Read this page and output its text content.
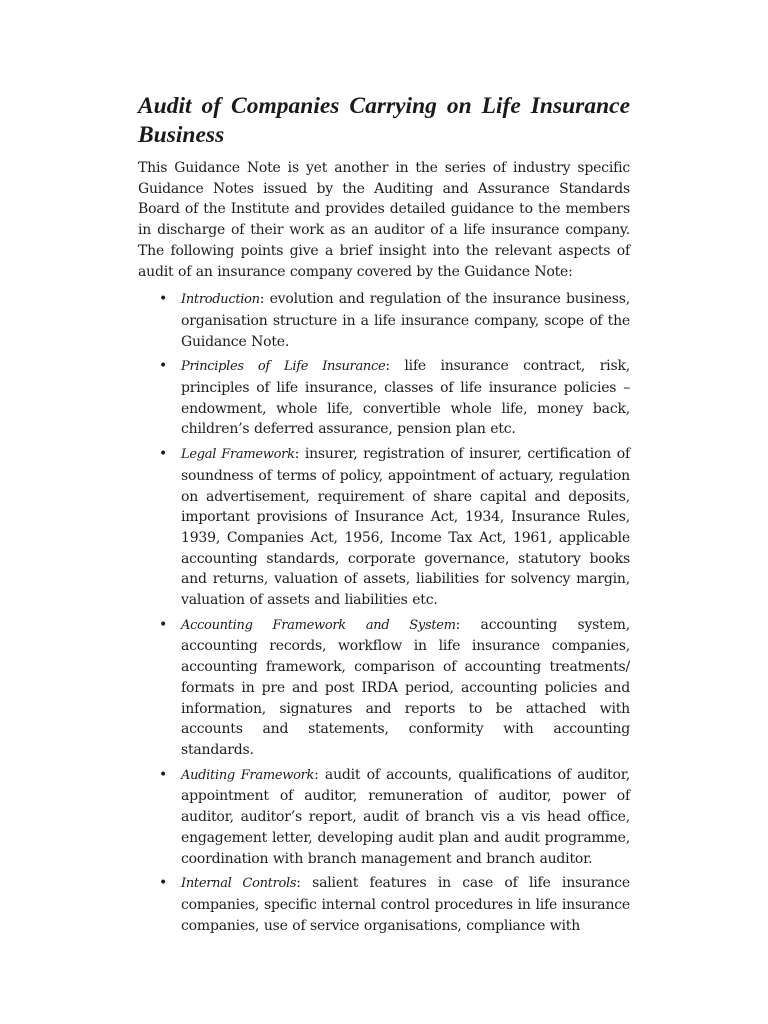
Audit of Companies Carrying on Life Insurance Business

This Guidance Note is yet another in the series of industry specific Guidance Notes issued by the Auditing and Assurance Standards Board of the Institute and provides detailed guidance to the members in discharge of their work as an auditor of a life insurance company. The following points give a brief insight into the relevant aspects of audit of an insurance company covered by the Guidance Note:

• Introduction: evolution and regulation of the insurance business, organisation structure in a life insurance company, scope of the Guidance Note.
• Principles of Life Insurance: life insurance contract, risk, principles of life insurance, classes of life insurance policies – endowment, whole life, convertible whole life, money back, children’s deferred assurance, pension plan etc.
• Legal Framework: insurer, registration of insurer, certification of soundness of terms of policy, appointment of actuary, regulation on advertisement, requirement of share capital and deposits, important provisions of Insurance Act, 1934, Insurance Rules, 1939, Companies Act, 1956, Income Tax Act, 1961, applicable accounting standards, corporate governance, statutory books and returns, valuation of assets, liabilities for solvency margin, valuation of assets and liabilities etc.
• Accounting Framework and System: accounting system, accounting records, workflow in life insurance companies, accounting framework, comparison of accounting treatments/ formats in pre and post IRDA period, accounting policies and information, signatures and reports to be attached with accounts and statements, conformity with accounting standards.
• Auditing Framework: audit of accounts, qualifications of auditor, appointment of auditor, remuneration of auditor, power of auditor, auditor’s report, audit of branch vis a vis head office, engagement letter, developing audit plan and audit programme, coordination with branch management and branch auditor.
• Internal Controls: salient features in case of life insurance companies, specific internal control procedures in life insurance companies, use of service organisations, compliance with
